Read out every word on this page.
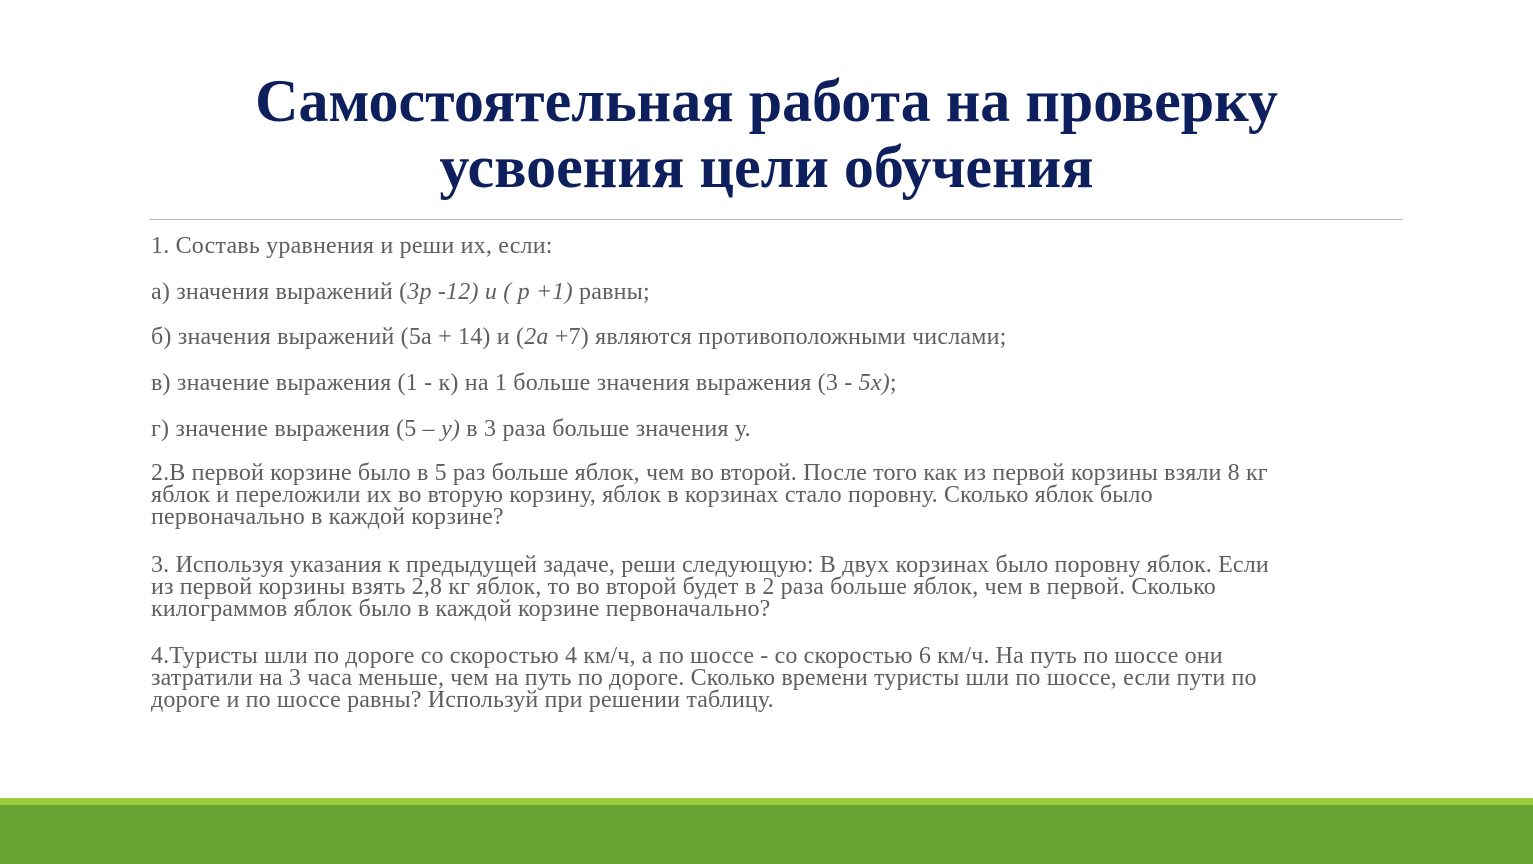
Самостоятельная работа на проверку
усвоения цели обучения
1. Составь уравнения и реши их, если:
а) значения выражений (3р -12) и ( р +1) равны;
б) значения выражений (5а + 14) и (2а +7) являются противоположными числами;
в) значение выражения (1 - к) на 1 больше значения выражения (3 - 5х);
г) значение выражения (5 – у) в 3 раза больше значения у.
2.В первой корзине было в 5 раз больше яблок, чем во второй. После того как из первой корзины взяли 8 кг
яблок и переложили их во вторую корзину, яблок в корзинах стало поровну. Сколько яблок было
первоначально в каждой корзине?
3. Используя указания к предыдущей задаче, реши следующую: В двух корзинах было поровну яблок. Если
из первой корзины взять 2,8 кг яблок, то во второй будет в 2 раза больше яблок, чем в первой. Сколько
килограммов яблок было в каждой корзине первоначально?
4.Туристы шли по дороге со скоростью 4 км/ч, а по шоссе - со скоростью 6 км/ч. На путь по шоссе они
затратили на 3 часа меньше, чем на путь по дороге. Сколько времени туристы шли по шоссе, если пути по
дороге и по шоссе равны? Используй при решении таблицу.
